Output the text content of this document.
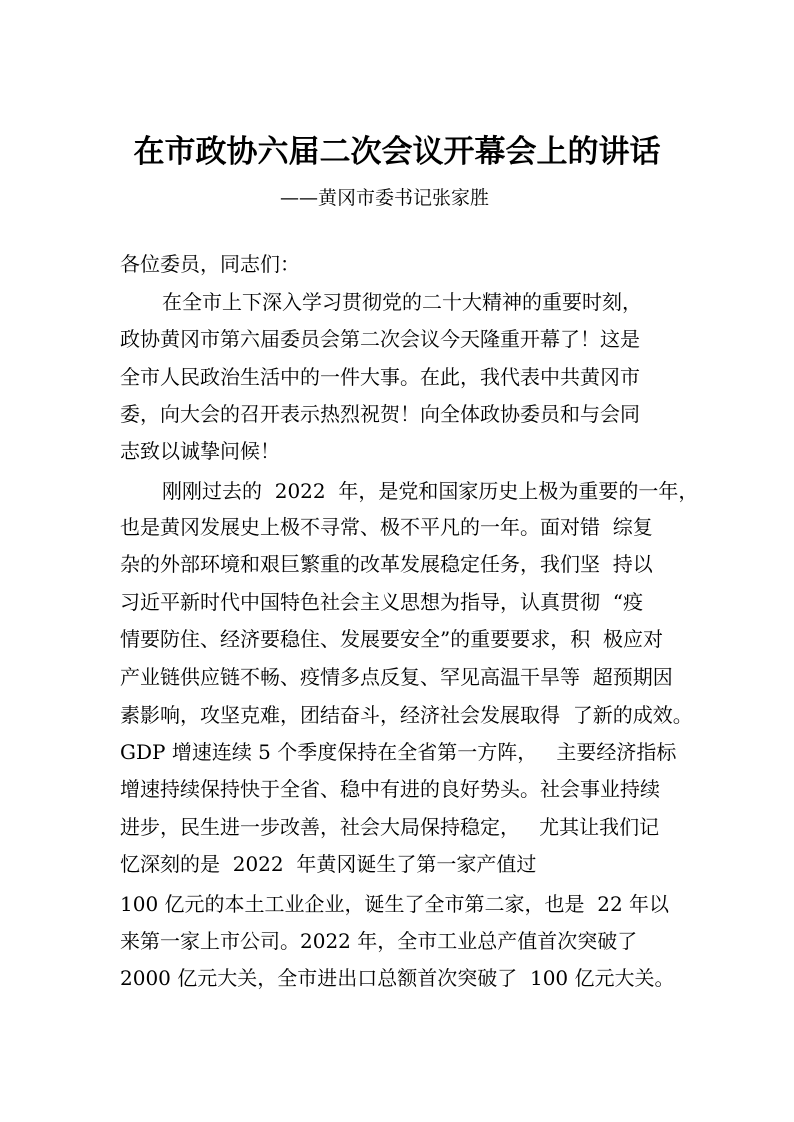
在市政协六届二次会议开幕会上的讲话
——黄冈市委书记张家胜
各位委员，同志们：
在全市上下深入学习贯彻党的二十大精神的重要时刻，
政协黄冈市第六届委员会第二次会议今天隆重开幕了！这是
全市人民政治生活中的一件大事。在此，我代表中共黄冈市
委，向大会的召开表示热烈祝贺！向全体政协委员和与会同
志致以诚挚问候！
刚刚过去的  2022  年，是党和国家历史上极为重要的一年，
也是黄冈发展史上极不寻常、极不平凡的一年。面对错  综复
杂的外部环境和艰巨繁重的改革发展稳定任务，我们坚  持以
习近平新时代中国特色社会主义思想为指导，认真贯彻  “疫
情要防住、经济要稳住、发展要安全”的重要要求，积  极应对
产业链供应链不畅、疫情多点反复、罕见高温干旱等  超预期因
素影响，攻坚克难，团结奋斗，经济社会发展取得  了新的成效。
GDP 增速连续 5 个季度保持在全省第一方阵，   主要经济指标
增速持续保持快于全省、稳中有进的良好势头。社会事业持续
进步，民生进一步改善，社会大局保持稳定，   尤其让我们记
忆深刻的是  2022  年黄冈诞生了第一家产值过
100 亿元的本土工业企业，诞生了全市第二家，也是  22 年以
来第一家上市公司。2022 年，全市工业总产值首次突破了
2000 亿元大关，全市进出口总额首次突破了  100 亿元大关。
